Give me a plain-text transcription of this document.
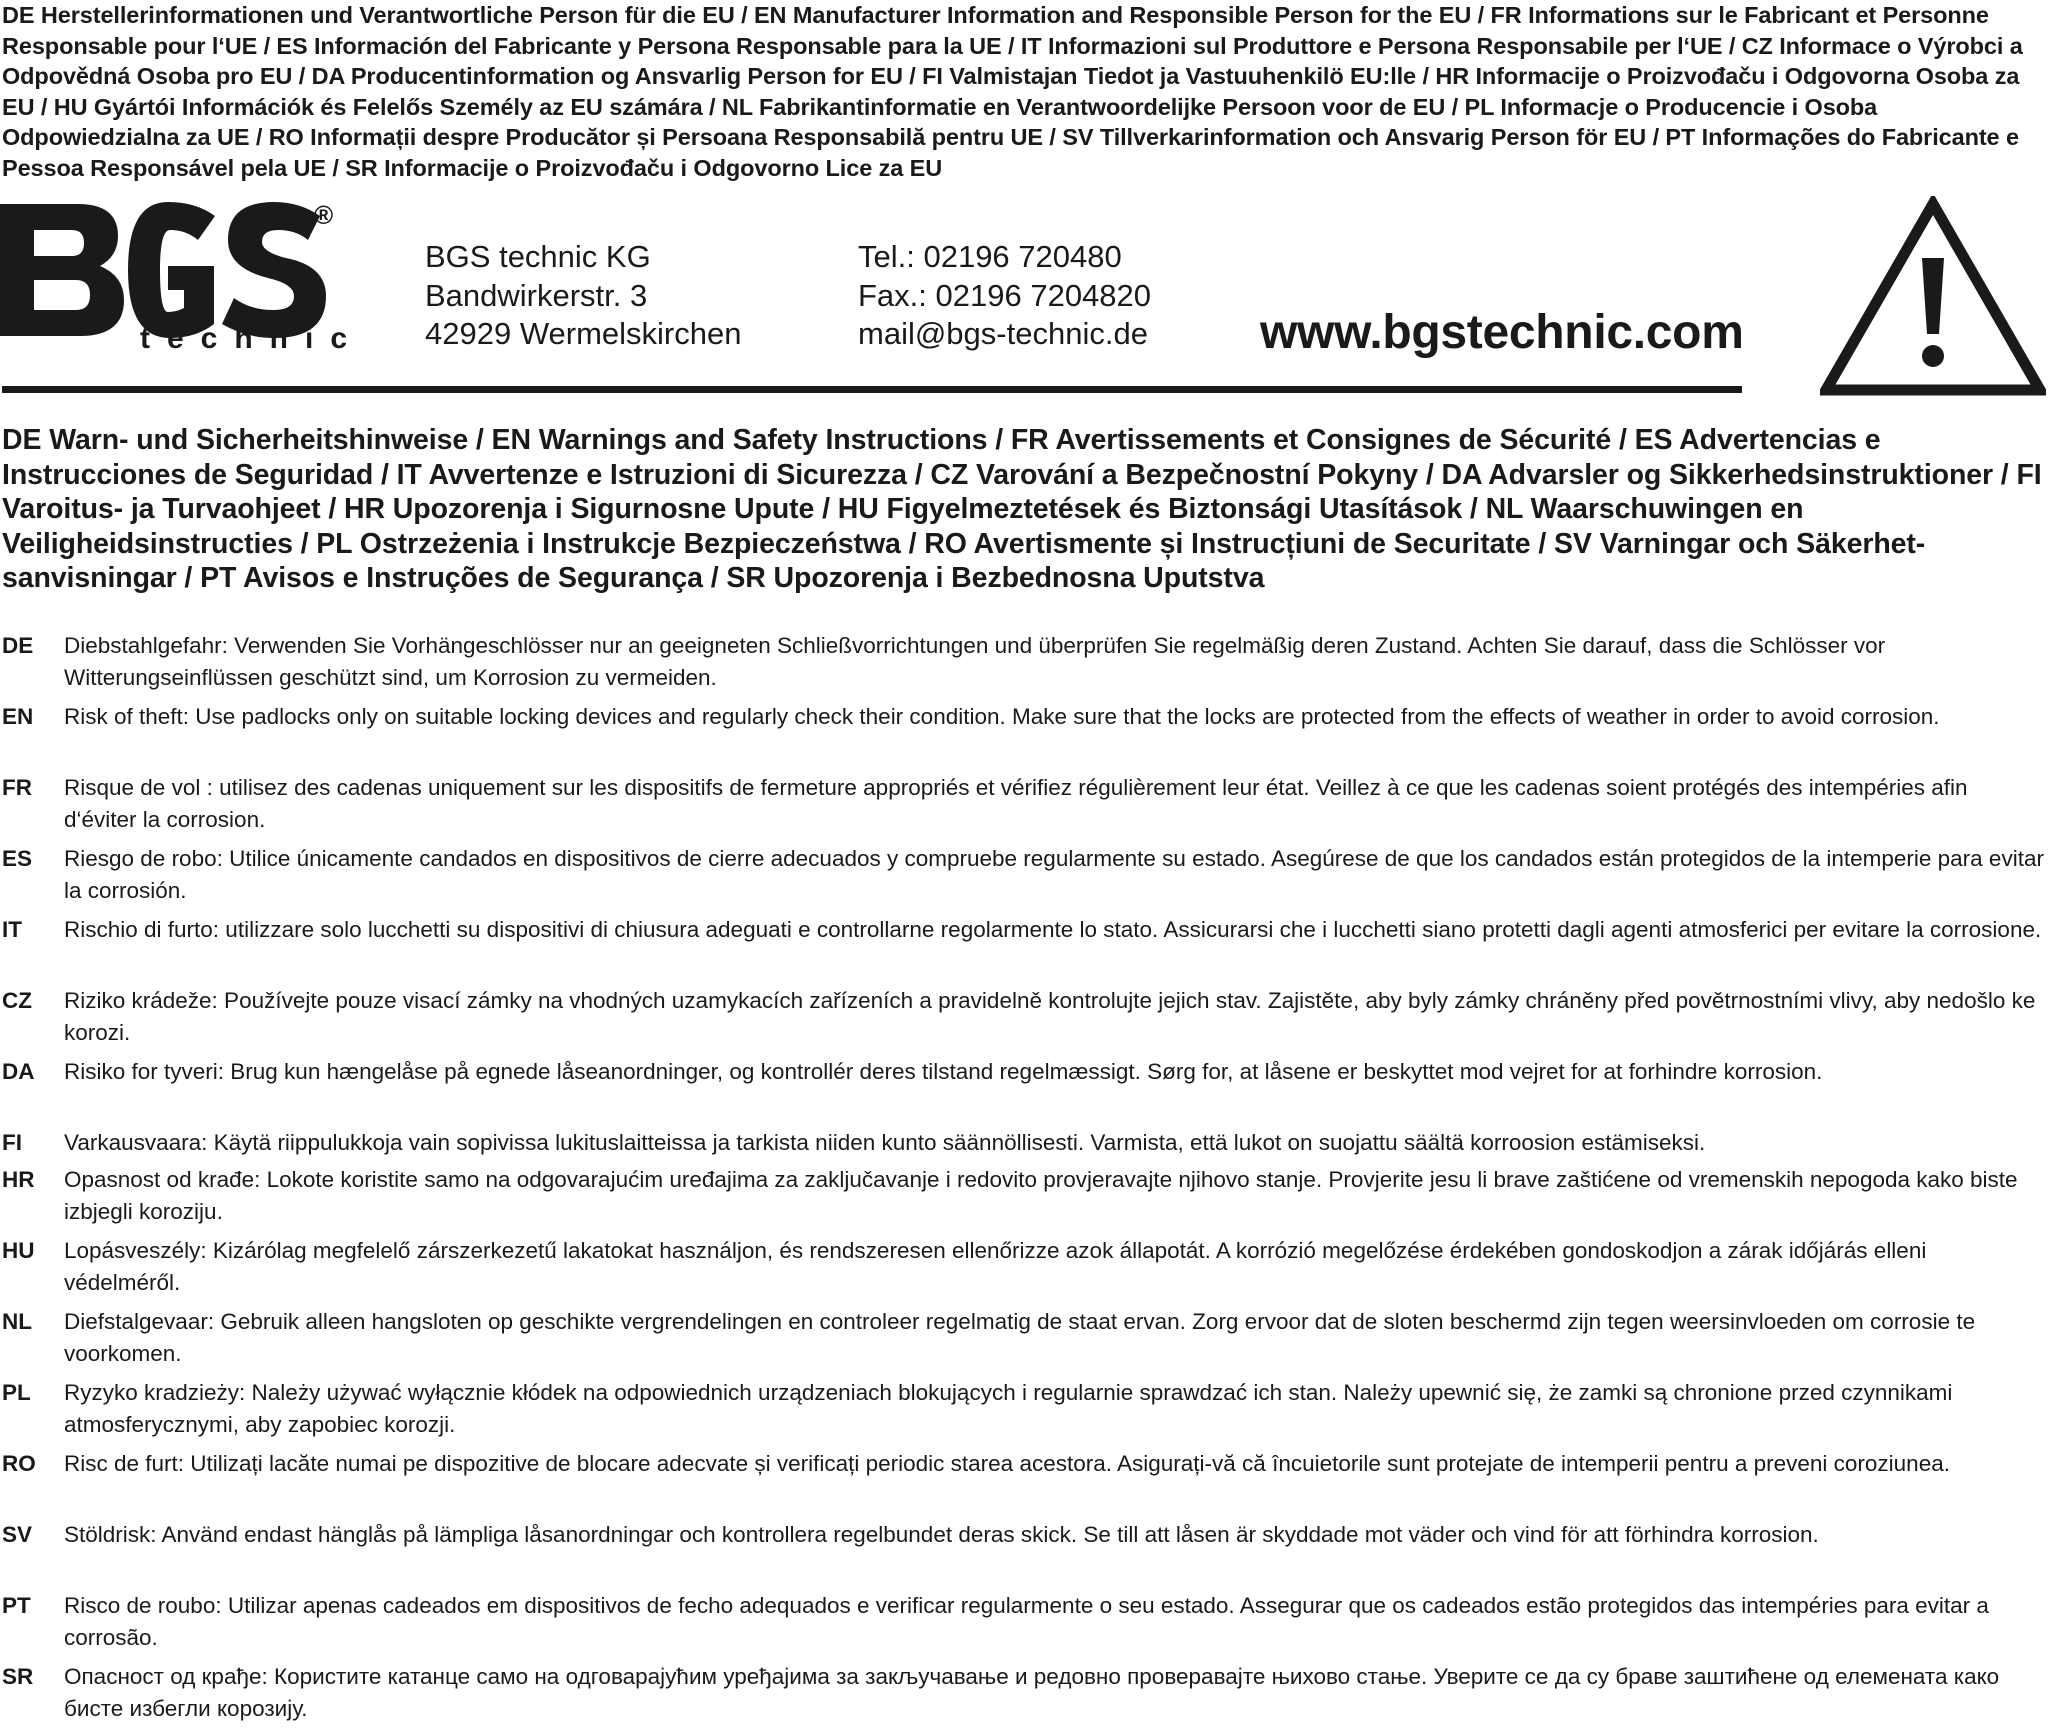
DE Herstellerinformationen und Verantwortliche Person für die EU / EN Manufacturer Information and Responsible Person for the EU / FR Informations sur le Fabricant et Personne Responsable pour l‘UE / ES Información del Fabricante y Persona Responsable para la UE / IT Informazioni sul Produttore e Persona Responsabile per l‘UE / CZ Informace o Výrobci a Odpovědná Osoba pro EU / DA Producentinformation og Ansvarlig Person for EU / FI Valmistajan Tiedot ja Vastuuhenkilö EU:lle / HR Informacije o Proizvođaču i Odgovorna Osoba za EU / HU Gyártói Információk és Felelős Személy az EU számára / NL Fabrikantinformatie en Verantwoordelijke Persoon voor de EU / PL Informacje o Producencie i Osoba Odpowiedzialna za UE / RO Informații despre Producător și Persoana Responsabilă pentru UE / SV Tillverkarinformation och Ansvarig Person för EU / PT Informações do Fabricante e Pessoa Responsável pela UE / SR Informacije o Proizvođaču i Odgovorno Lice za EU
®
technic
BGS technic KG
Bandwirkerstr. 3
42929 Wermelskirchen
Tel.: 02196 720480
Fax.: 02196 7204820
mail@bgs-technic.de www.bgstechnic.com
DE Warn- und Sicherheitshinweise / EN Warnings and Safety Instructions / FR Avertissements et Consignes de Sécurité / ES Advertencias e Instrucciones de Seguridad / IT Avvertenze e Istruzioni di Sicurezza / CZ Varování a Bezpečnostní Pokyny / DA Advarsler og Sikkerhedsinstruktioner / FI Varoitus- ja Turvaohjeet / HR Upozorenja i Sigurnosne Upute / HU Figyelmeztetések és Biztonsági Utasítások / NL Waarschuwingen en Veiligheidsinstructies / PL Ostrzeżenia i Instrukcje Bezpieczeństwa / RO Avertismente și Instrucțiuni de Securitate / SV Varningar och Säkerhetsanvisningar / PT Avisos e Instruções de Segurança / SR Upozorenja i Bezbednosna Uputstva
DE	Diebstahlgefahr: Verwenden Sie Vorhängeschlösser nur an geeigneten Schließvorrichtungen und überprüfen Sie regelmäßig deren Zustand. Achten Sie darauf, dass die Schlösser vor Witterungseinflüssen geschützt sind, um Korrosion zu vermeiden.
EN	Risk of theft: Use padlocks only on suitable locking devices and regularly check their condition. Make sure that the locks are protected from the effects of weather in order to avoid corrosion.
FR	Risque de vol : utilisez des cadenas uniquement sur les dispositifs de fermeture appropriés et vérifiez régulièrement leur état. Veillez à ce que les cadenas soient protégés des intempéries afin d‘éviter la corrosion.
ES	Riesgo de robo: Utilice únicamente candados en dispositivos de cierre adecuados y compruebe regularmente su estado. Asegúrese de que los candados están protegidos de la intemperie para evitar la corrosión.
IT	Rischio di furto: utilizzare solo lucchetti su dispositivi di chiusura adeguati e controllarne regolarmente lo stato. Assicurarsi che i lucchetti siano protetti dagli agenti atmosferici per evitare la corrosione.
CZ	Riziko krádeže: Používejte pouze visací zámky na vhodných uzamykacích zařízeních a pravidelně kontrolujte jejich stav. Zajistěte, aby byly zámky chráněny před povětrnostními vlivy, aby nedošlo ke korozi.
DA	Risiko for tyveri: Brug kun hængelåse på egnede låseanordninger, og kontrollér deres tilstand regelmæssigt. Sørg for, at låsene er beskyttet mod vejret for at forhindre korrosion.
FI	Varkausvaara: Käytä riippulukkoja vain sopivissa lukituslaitteissa ja tarkista niiden kunto säännöllisesti. Varmista, että lukot on suojattu säältä korroosion estämiseksi.
HR	Opasnost od krađe: Lokote koristite samo na odgovarajućim uređajima za zaključavanje i redovito provjeravajte njihovo stanje. Provjerite jesu li brave zaštićene od vremenskih nepogoda kako biste izbjegli koroziju.
HU	Lopásveszély: Kizárólag megfelelő zárszerkezetű lakatokat használjon, és rendszeresen ellenőrizze azok állapotát. A korrózió megelőzése érdekében gondoskodjon a zárak időjárás elleni védelméről.
NL	Diefstalgevaar: Gebruik alleen hangsloten op geschikte vergrendelingen en controleer regelmatig de staat ervan. Zorg ervoor dat de sloten beschermd zijn tegen weersinvloeden om corrosie te voorkomen.
PL	Ryzyko kradzieży: Należy używać wyłącznie kłódek na odpowiednich urządzeniach blokujących i regularnie sprawdzać ich stan. Należy upewnić się, że zamki są chronione przed czynnikami atmosferycznymi, aby zapobiec korozji.
RO	Risc de furt: Utilizați lacăte numai pe dispozitive de blocare adecvate și verificați periodic starea acestora. Asigurați-vă că încuietorile sunt protejate de intemperii pentru a preveni coroziunea.
SV	Stöldrisk: Använd endast hänglås på lämpliga låsanordningar och kontrollera regelbundet deras skick. Se till att låsen är skyddade mot väder och vind för att förhindra korrosion.
PT	Risco de roubo: Utilizar apenas cadeados em dispositivos de fecho adequados e verificar regularmente o seu estado. Assegurar que os cadeados estão protegidos das intempéries para evitar a corrosão.
SR	Опасност од крађе: Користите катанце само на одговарајућим уређајима за закључавање и редовно проверавајте њихово стање. Уверите се да су браве заштићене од елемената како бисте избегли корозију.
